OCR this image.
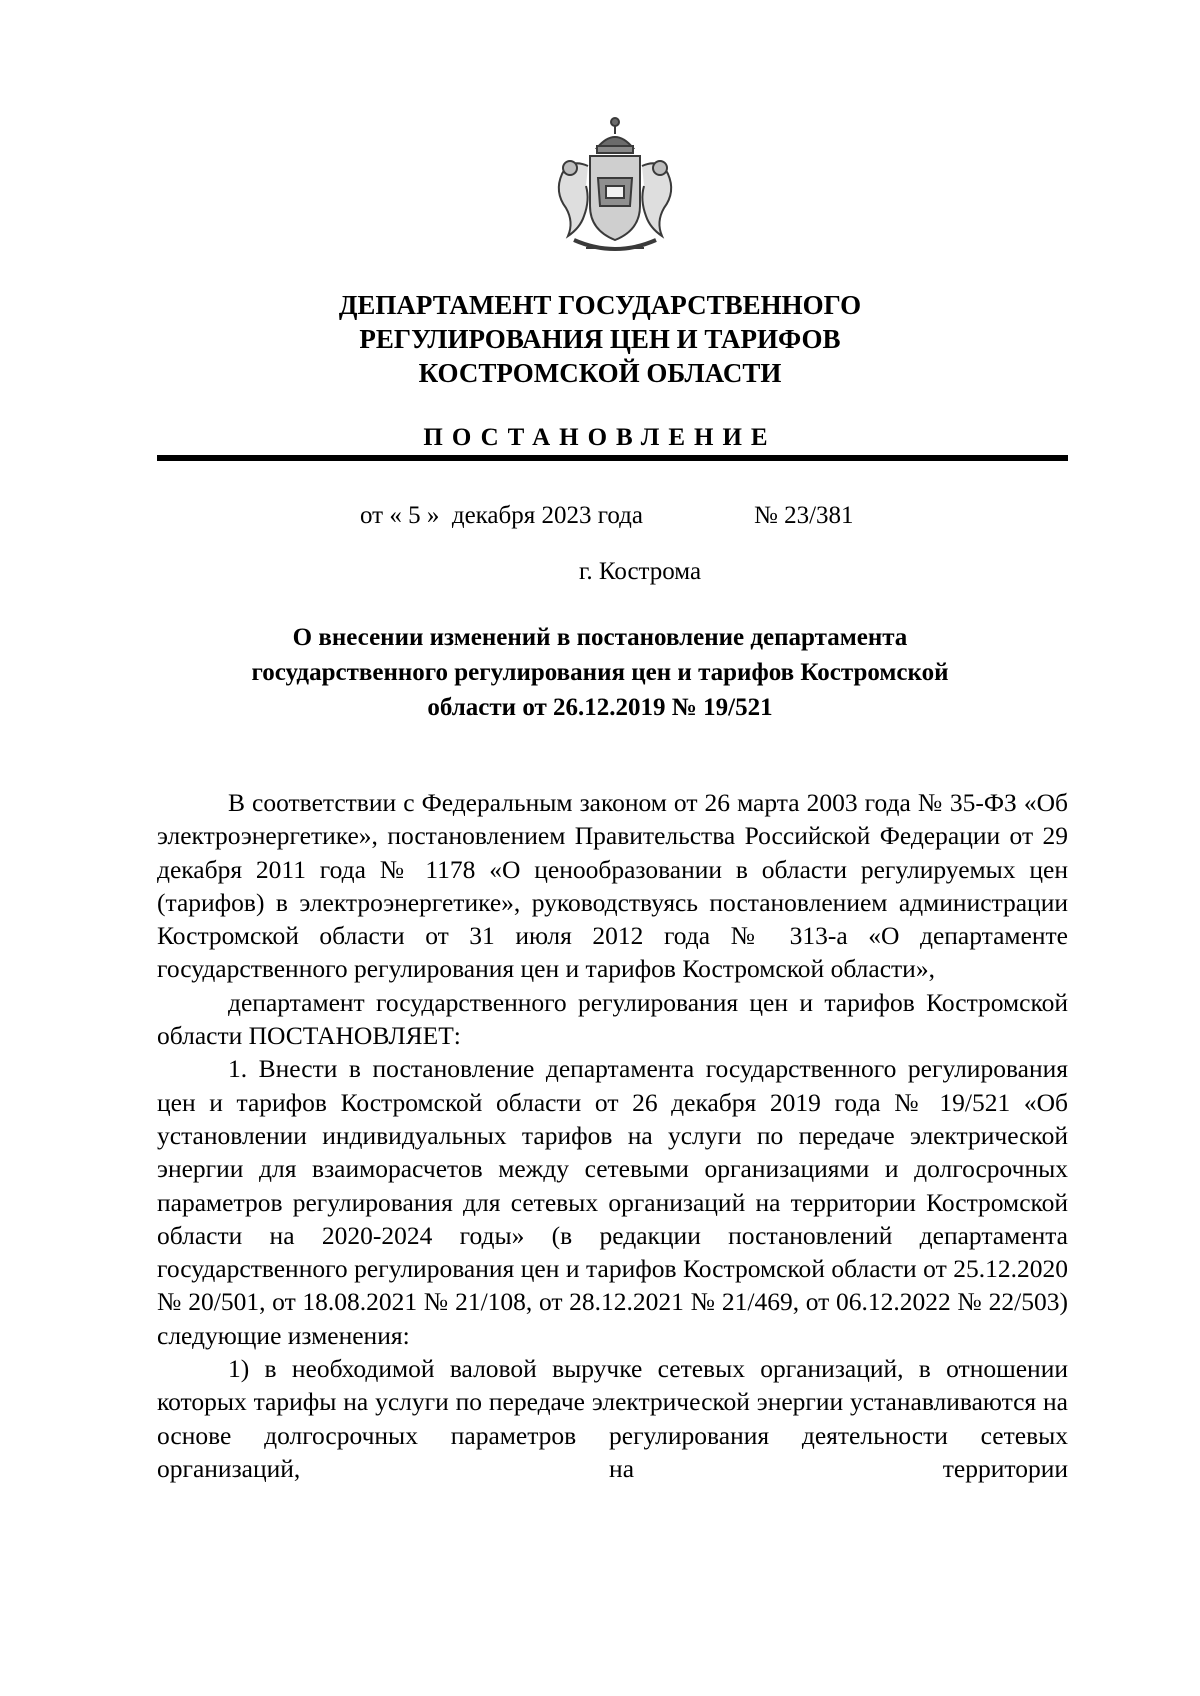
ДЕПАРТАМЕНТ ГОСУДАРСТВЕННОГО
РЕГУЛИРОВАНИЯ ЦЕН И ТАРИФОВ
КОСТРОМСКОЙ ОБЛАСТИ
ПОСТАНОВЛЕНИЕ
от « 5 »  декабря 2023 года	№ 23/381
г. Кострома
О внесении изменений в постановление департамента
государственного регулирования цен и тарифов Костромской
области от 26.12.2019 № 19/521

В соответствии с Федеральным законом от 26 марта 2003 года № 35-ФЗ «Об электроэнергетике», постановлением Правительства Российской Федерации от 29 декабря 2011 года № 1178 «О ценообразовании в области регулируемых цен (тарифов) в электроэнергетике», руководствуясь постановлением администрации Костромской области от 31 июля 2012 года № 313-а «О департаменте государственного регулирования цен и тарифов Костромской области»,

департамент государственного регулирования цен и тарифов Костромской области ПОСТАНОВЛЯЕТ:

1. Внести в постановление департамента государственного регулирования цен и тарифов Костромской области от 26 декабря 2019 года № 19/521 «Об установлении индивидуальных тарифов на услуги по передаче электрической энергии для взаиморасчетов между сетевыми организациями и долгосрочных параметров регулирования для сетевых организаций на территории Костромской области на 2020-2024 годы» (в редакции постановлений департамента государственного регулирования цен и тарифов Костромской области от 25.12.2020 № 20/501, от 18.08.2021 № 21/108, от 28.12.2021 № 21/469, от 06.12.2022 № 22/503) следующие изменения:

1) в необходимой валовой выручке сетевых организаций, в отношении которых тарифы на услуги по передаче электрической энергии устанавливаются на основе долгосрочных параметров регулирования деятельности сетевых организаций, на территории
